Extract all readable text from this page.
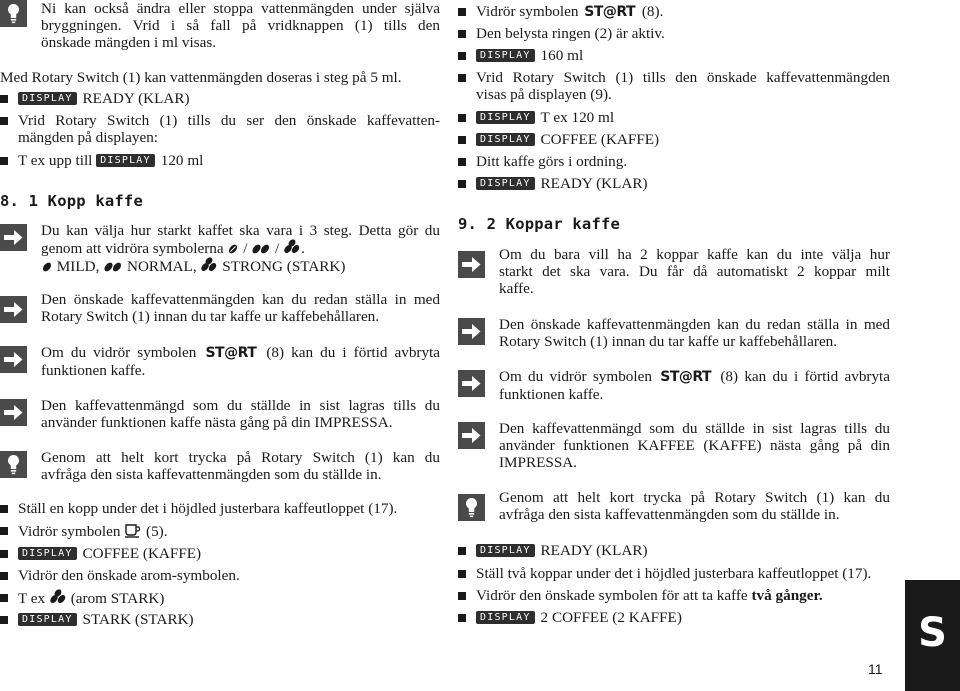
Ni kan också ändra eller stoppa vattenmängden under själva
bryggningen. Vrid i så fall på vridknappen (1) tills den
önskade mängden i ml visas.

Med Rotary Switch (1) kan vattenmängden doseras i steg på 5 ml.

DISPLAY READY (KLAR)

Vrid Rotary Switch (1) tills du ser den önskade kaffevatten-
mängden på displayen:

T ex upp till DISPLAY 120 ml

8. 1 Kopp kaffe
Du kan välja hur starkt kaffet ska vara i 3 steg. Detta gör du
genom att vidröra symbolerna / / .
MILD, NORMAL, STRONG (STARK)
Den önskade kaffevattenmängden kan du redan ställa in med
Rotary Switch (1) innan du tar kaffe ur kaffebehållaren.
Om du vidrör symbolen ST@RT (8) kan du i förtid avbryta
funktionen kaffe.
Den kaffevattenmängd som du ställde in sist lagras tills du
använder funktionen kaffe nästa gång på din IMPRESSA.
Genom att helt kort trycka på Rotary Switch (1) kan du
avfråga den sista kaffevattenmängden som du ställde in.

Ställ en kopp under det i höjdled justerbara kaffeutloppet (17).

Vidrör symbolen (5).

DISPLAY COFFEE (KAFFE)

Vidrör den önskade arom-symbolen.

T ex (arom STARK)

DISPLAY STARK (STARK)

Vidrör symbolen ST@RT (8).

Den belysta ringen (2) är aktiv.

DISPLAY 160 ml

Vrid Rotary Switch (1) tills den önskade kaffevattenmängden
visas på displayen (9).

DISPLAY T ex 120 ml

DISPLAY COFFEE (KAFFE)

Ditt kaffe görs i ordning.

DISPLAY READY (KLAR)

9. 2 Koppar kaffe
Om du bara vill ha 2 koppar kaffe kan du inte välja hur
starkt det ska vara. Du får då automatiskt 2 koppar milt
kaffe.
Den önskade kaffevattenmängden kan du redan ställa in med
Rotary Switch (1) innan du tar kaffe ur kaffebehållaren.
Om du vidrör symbolen ST@RT (8) kan du i förtid avbryta
funktionen kaffe.
Den kaffevattenmängd som du ställde in sist lagras tills du
använder funktionen KAFFEE (KAFFE) nästa gång på din
IMPRESSA.
Genom att helt kort trycka på Rotary Switch (1) kan du
avfråga den sista kaffevattenmängden som du ställde in.

DISPLAY READY (KLAR)

Ställ två koppar under det i höjdled justerbara kaffeutloppet (17).

Vidrör den önskade symbolen för att ta kaffe två gånger.

DISPLAY 2 COFFEE (2 KAFFE)	S

11
